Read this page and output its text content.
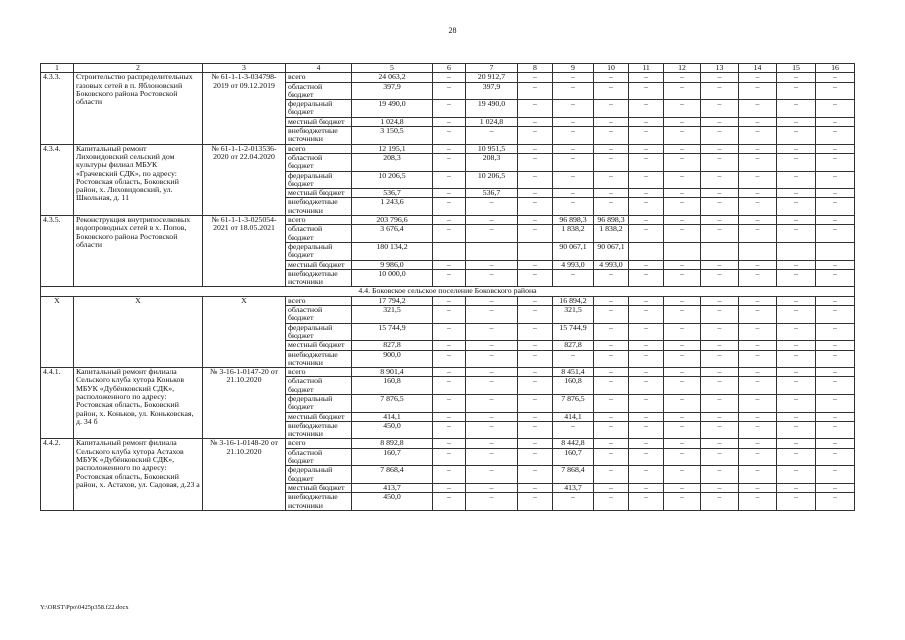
28
1	2	3	4	5	6	7	8	9	10	11	12	13	14	15	16
4.3.3.	Строительство распределительных газовых сетей в п. Яблоновский Боковского района Ростовской области	№ 61-1-1-3-034798-2019 от 09.12.2019	всего	24 063,2	–	20 912,7	–	–	–	–	–	–	–	–	–
			областной бюджет	397,9	–	397,9	–	–	–	–	–	–	–	–	–
			федеральный бюджет	19 490,0	–	19 490,0	–	–	–	–	–	–	–	–	–
			местный бюджет	1 024,8	–	1 024,8	–	–	–	–	–	–	–	–	–
			внебюджетные источники	3 150,5	–	–	–	–	–	–	–	–	–	–	–
4.3.4.	Капитальный ремонт Лиховидовский сельский дом культуры филиал МБУК «Грачевский СДК», по адресу: Ростовская область, Боковский район, х. Лиховидовский, ул. Школьная, д. 11	№ 61-1-1-2-013536-2020 от 22.04.2020	всего	12 195,1	–	10 951,5	–	–	–	–	–	–	–	–	–
			областной бюджет	208,3	–	208,3	–	–	–	–	–	–	–	–	–
			федеральный бюджет	10 206,5	–	10 206,5	–	–	–	–	–	–	–	–	–
			местный бюджет	536,7	–	536,7	–	–	–	–	–	–	–	–	–
			внебюджетные источники	1 243,6	–	–	–	–	–	–	–	–	–	–	–
4.3.5.	Реконструкция внутрипоселковых водопроводных сетей в х. Попов, Боковского района Ростовской области	№ 61-1-1-3-025054-2021 от 18.05.2021	всего	203 796,6	–	–	–	96 898,3	96 898,3	–	–	–	–	–	–
			областной бюджет	3 676,4	–	–	–	1 838,2	1 838,2	–	–	–	–	–	–
			федеральный бюджет	180 134,2				90 067,1	90 067,1						
			местный бюджет	9 986,0	–	–	–	4 993,0	4 993,0	–	–	–	–	–	–
			внебюджетные источники	10 000,0	–	–	–	–	–	–	–	–	–	–	–
4.4. Боковское сельское поселение Боковского района															
X	X	X	всего	17 794,2	–	–	–	16 894,2	–	–	–	–	–	–	–
			областной бюджет	321,5	–	–	–	321,5	–	–	–	–	–	–	–
			федеральный бюджет	15 744,9	–	–	–	15 744,9	–	–	–	–	–	–	–
			местный бюджет	827,8	–	–	–	827,8	–	–	–	–	–	–	–
			внебюджетные источники	900,0	–	–	–	–	–	–	–	–	–	–	–
4.4.1.	Капитальный ремонт филиала Сельского клуба хутора Коньков МБУК «Дубёнковский СДК», расположенного по адресу: Ростовская область, Боковский район, х. Коньков, ул. Коньковская, д. 34 б	№ 3-16-1-0147-20 от 21.10.2020	всего	8 901,4	–	–	–	8 451,4	–	–	–	–	–	–	–
			областной бюджет	160,8	–	–	–	160,8	–	–	–	–	–	–	–
			федеральный бюджет	7 876,5	–	–	–	7 876,5	–	–	–	–	–	–	–
			местный бюджет	414,1	–	–	–	414,1	–	–	–	–	–	–	–
			внебюджетные источники	450,0	–	–	–	–	–	–	–	–	–	–	–
4.4.2.	Капитальный ремонт филиала Сельского клуба хутора Астахов МБУК «Дубёнковский СДК», расположенного по адресу: Ростовская область, Боковский район, х. Астахов, ул. Садовая, д.23 а	№ 3-16-1-0148-20 от 21.10.2020	всего	8 892,8	–	–	–	8 442,8	–	–	–	–	–	–	–
			областной бюджет	160,7	–	–	–	160,7	–	–	–	–	–	–	–
			федеральный бюджет	7 868,4	–	–	–	7 868,4	–	–	–	–	–	–	–
			местный бюджет	413,7	–	–	–	413,7	–	–	–	–	–	–	–
			внебюджетные источники	450,0	–	–	–	–	–	–	–	–	–	–	–
Y:\ORST\Ppo\0425p358.f22.docx
